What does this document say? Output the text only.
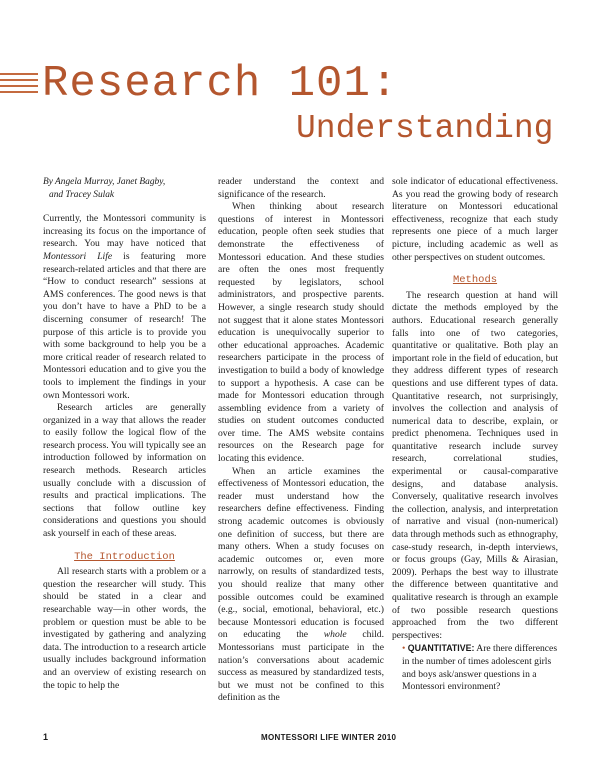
Research 101:
Understanding

By Angela Murray, Janet Bagby,
and Tracey Sulak

Currently, the Montessori community is increasing its focus on the importance of research. You may have noticed that Montessori Life is featuring more research-related articles and that there are “How to conduct research” sessions at AMS conferences. The good news is that you don’t have to have a PhD to be a discerning consumer of research! The purpose of this article is to provide you with some background to help you be a more critical reader of research related to Montessori education and to give you the tools to implement the findings in your own Montessori work.

Research articles are generally organized in a way that allows the reader to easily follow the logical flow of the research process. You will typically see an introduction followed by information on research methods. Research articles usually conclude with a discussion of results and practical implications. The sections that follow outline key considerations and questions you should ask yourself in each of these areas.

The Introduction

All research starts with a problem or a question the researcher will study. This should be stated in a clear and researchable way—in other words, the problem or question must be able to be investigated by gathering and analyzing data. The introduction to a research article usually includes background information and an overview of existing research on the topic to help the

reader understand the context and significance of the research.

When thinking about research questions of interest in Montessori education, people often seek studies that demonstrate the effectiveness of Montessori education. And these studies are often the ones most frequently requested by legislators, school administrators, and prospective parents. However, a single research study should not suggest that it alone states Montessori education is unequivocally superior to other educational approaches. Academic researchers participate in the process of investigation to build a body of knowledge to support a hypothesis. A case can be made for Montessori education through assembling evidence from a variety of studies on student outcomes conducted over time. The AMS website contains resources on the Research page for locating this evidence.

When an article examines the effectiveness of Montessori education, the reader must understand how the researchers define effectiveness. Finding strong academic outcomes is obviously one definition of success, but there are many others. When a study focuses on academic outcomes or, even more narrowly, on results of standardized tests, you should realize that many other possible outcomes could be examined (e.g., social, emotional, behavioral, etc.) because Montessori education is focused on educating the whole child. Montessorians must participate in the nation’s conversations about academic success as measured by standardized tests, but we must not be confined to this definition as the

sole indicator of educational effectiveness. As you read the growing body of research literature on Montessori educational effectiveness, recognize that each study represents one piece of a much larger picture, including academic as well as other perspectives on student outcomes.

Methods

The research question at hand will dictate the methods employed by the authors. Educational research generally falls into one of two categories, quantitative or qualitative. Both play an important role in the field of education, but they address different types of research questions and use different types of data. Quantitative research, not surprisingly, involves the collection and analysis of numerical data to describe, explain, or predict phenomena. Techniques used in quantitative research include survey research, correlational studies, experimental or causal-comparative designs, and database analysis. Conversely, qualitative research involves the collection, analysis, and interpretation of narrative and visual (non-numerical) data through methods such as ethnography, case-study research, in-depth interviews, or focus groups (Gay, Mills & Airasian, 2009). Perhaps the best way to illustrate the difference between quantitative and qualitative research is through an example of two possible research questions approached from the two different perspectives:

• QUANTITATIVE: Are there differences in the number of times adolescent girls and boys ask/answer questions in a Montessori environment?

1	MONTESSORI LIFE WINTER 2010
